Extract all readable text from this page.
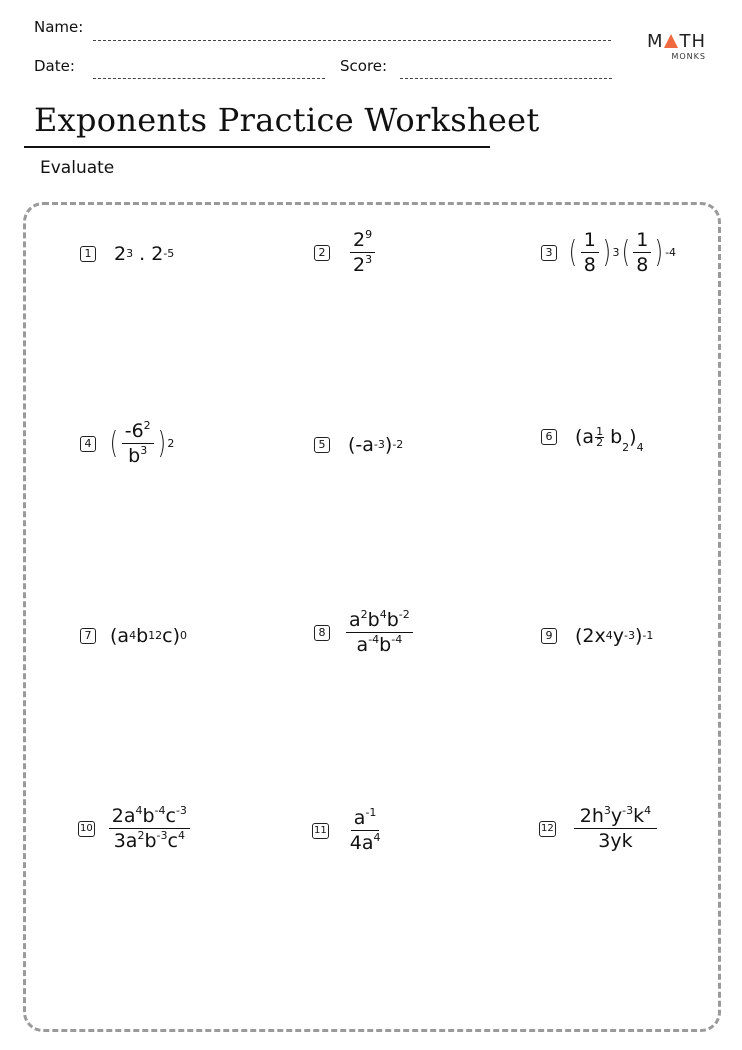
Name:
Date:	Score:
M TH
MONKS
Exponents Practice Worksheet
Evaluate
1 2 3
.
2 -5	$2 \frac{2^9}{2^3}$	3 ( $\frac{1}{8}$ ) 3 ( $\frac{1}{8}$ ) -4
4 ( $\frac{-6^2}{b^3}$ ) 2	5 (-a -3 ) -2
6 (a 1
2
b 2 ) 4
7 (a 4 b 12 c ) 0	$8 \frac{a^2b^4b^{-2}}{a^{-4}b^{-4}}$	9 (2x 4 y -3 ) -1
$10 \frac{2a^4b^{-4}c^{-3}}{3a^2b^{-3}c^4}$	$11 \frac{a^{-1}}{4a^4}$	$12 \frac{2h^3y^{-3}k^4}{3yk}$
